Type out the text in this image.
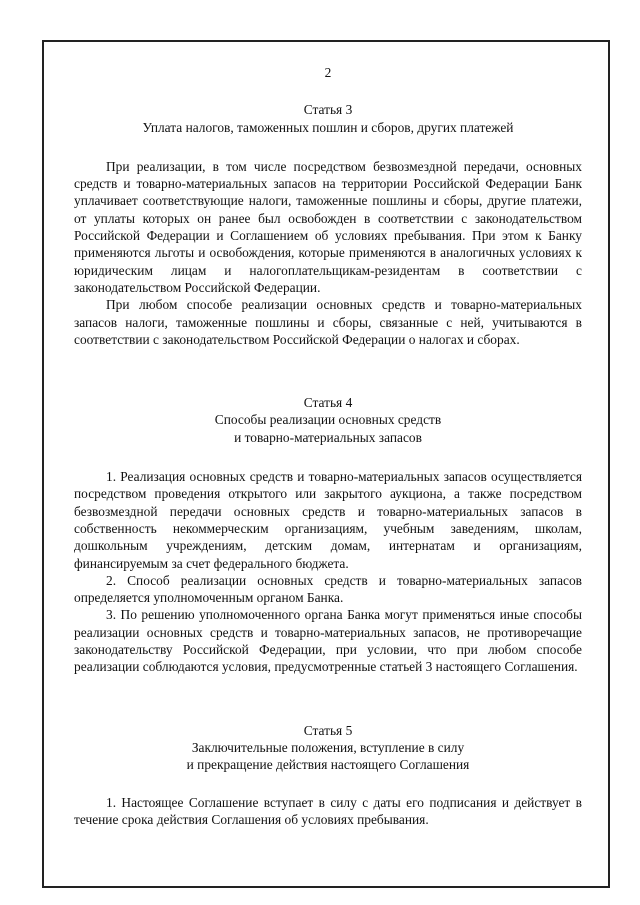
2
Статья 3
Уплата налогов, таможенных пошлин и сборов, других платежей
При реализации, в том числе посредством безвозмездной передачи, основных средств и товарно-материальных запасов на территории Российской Федерации Банк уплачивает соответствующие налоги, таможенные пошлины и сборы, другие платежи, от уплаты которых он ранее был освобожден в соответствии с законодательством Российской Федерации и Соглашением об условиях пребывания. При этом к Банку применяются льготы и освобождения, которые применяются в аналогичных условиях к юридическим лицам и налогоплательщикам-резидентам в соответствии с законодательством Российской Федерации.
При любом способе реализации основных средств и товарно-материальных запасов налоги, таможенные пошлины и сборы, связанные с ней, учитываются в соответствии с законодательством Российской Федерации о налогах и сборах.
Статья 4
Способы реализации основных средств
и товарно-материальных запасов
1. Реализация основных средств и товарно-материальных запасов осуществляется посредством проведения открытого или закрытого аукциона, а также посредством безвозмездной передачи основных средств и товарно-материальных запасов в собственность некоммерческим организациям, учебным заведениям, школам, дошкольным учреждениям, детским домам, интернатам и организациям, финансируемым за счет федерального бюджета.
2. Способ реализации основных средств и товарно-материальных запасов определяется уполномоченным органом Банка.
3. По решению уполномоченного органа Банка могут применяться иные способы реализации основных средств и товарно-материальных запасов, не противоречащие законодательству Российской Федерации, при условии, что при любом способе реализации соблюдаются условия, предусмотренные статьей 3 настоящего Соглашения.
Статья 5
Заключительные положения, вступление в силу
и прекращение действия настоящего Соглашения
1. Настоящее Соглашение вступает в силу с даты его подписания и действует в течение срока действия Соглашения об условиях пребывания.
